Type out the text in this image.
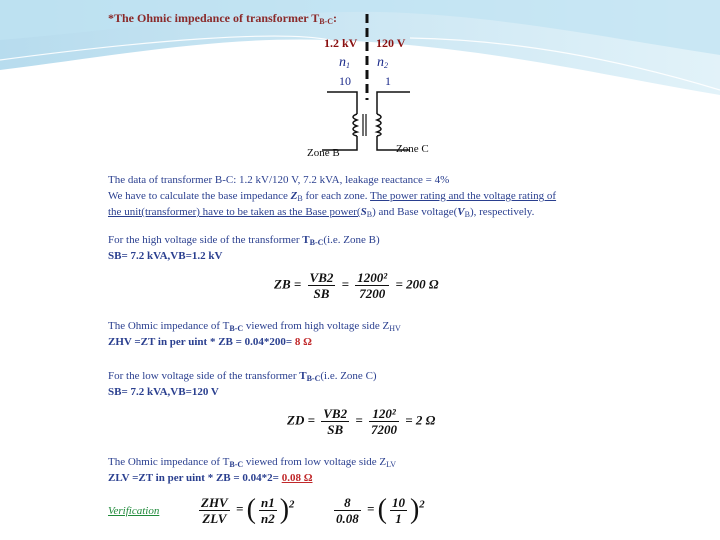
*The Ohmic impedance of transformer $T_{B-C}$:
1.2 kV 120 V
$n_1$ $n_2$
10	1
Zone B	Zone C
The data of transformer B-C: 1.2 kV/120 V, 7.2 kVA, leakage reactance = 4%
We have to calculate the base impedance $Z_B$ for each zone. The power rating and the voltage rating of
the unit(transformer) have to be taken as the Base $power(S_B)$ and Base $voltage(V_B)$, respectively.
For the high voltage side of the transformer $T_{B-C}(i.e$. Zone B)
SB= 7.2 kVA,VB=1.2 kV
ZB = $\frac{VB2}{SB} = \frac{\text{1200²}}{7200} = 200$ Ω
The Ohmic impedance of $T_{B-C}$ viewed from high voltage side $Z_{HV}$
ZHV =ZT in per uint * ZB = 0.04*200= 8 Ω
For the low voltage side of the transformer $T_{B-C}(i.e$. Zone C)
SB= 7.2 kVA,VB=120 V
ZD = $\frac{VB2}{SB} = \frac{\text{120²}}{7200} = 2$ Ω
The Ohmic impedance of $T_{B-C}$ viewed from low voltage side $Z_{LV}$
ZLV =ZT in per uint * ZB = 0.04*2= 0.08 Ω
Verification	$\frac{\text{ZHV}}{\text{ZLV}}$ = ( $\frac{n1}{n2} )^2$	$\frac{8}{0.08}$ = ( $\frac{10}{1} )^2$
